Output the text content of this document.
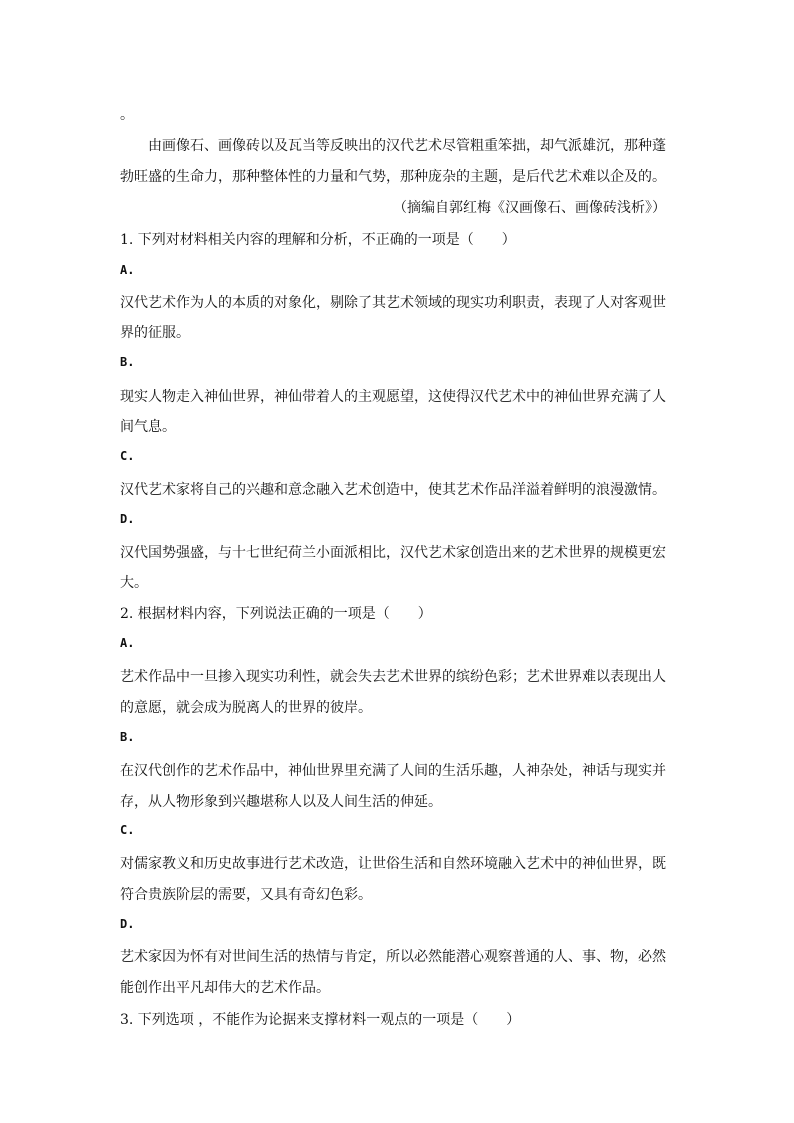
。
由画像石、画像砖以及瓦当等反映出的汉代艺术尽管粗重笨拙，却气派雄沉，那种蓬
勃旺盛的生命力，那种整体性的力量和气势，那种庞杂的主题，是后代艺术难以企及的。
（摘编自郭红梅《汉画像石、画像砖浅析》）
1. 下列对材料相关内容的理解和分析，不正确的一项是（　　）
A.
汉代艺术作为人的本质的对象化，剔除了其艺术领域的现实功利职责，表现了人对客观世
界的征服。
B.
现实人物走入神仙世界，神仙带着人的主观愿望，这使得汉代艺术中的神仙世界充满了人
间气息。
C.
汉代艺术家将自己的兴趣和意念融入艺术创造中，使其艺术作品洋溢着鲜明的浪漫激情。
D.
汉代国势强盛，与十七世纪荷兰小面派相比，汉代艺术家创造出来的艺术世界的规模更宏
大。
2. 根据材料内容，下列说法正确的一项是（　　）
A.
艺术作品中一旦掺入现实功利性，就会失去艺术世界的缤纷色彩；艺术世界难以表现出人
的意愿，就会成为脱离人的世界的彼岸。
B.
在汉代创作的艺术作品中，神仙世界里充满了人间的生活乐趣，人神杂处，神话与现实并
存，从人物形象到兴趣堪称人以及人间生活的伸延。
C.
对儒家教义和历史故事进行艺术改造，让世俗生活和自然环境融入艺术中的神仙世界，既
符合贵族阶层的需要，又具有奇幻色彩。
D.
艺术家因为怀有对世间生活的热情与肯定，所以必然能潜心观察普通的人、事、物，必然
能创作出平凡却伟大的艺术作品。
3. 下列选项 ，不能作为论据来支撑材料一观点的一项是（　　）
